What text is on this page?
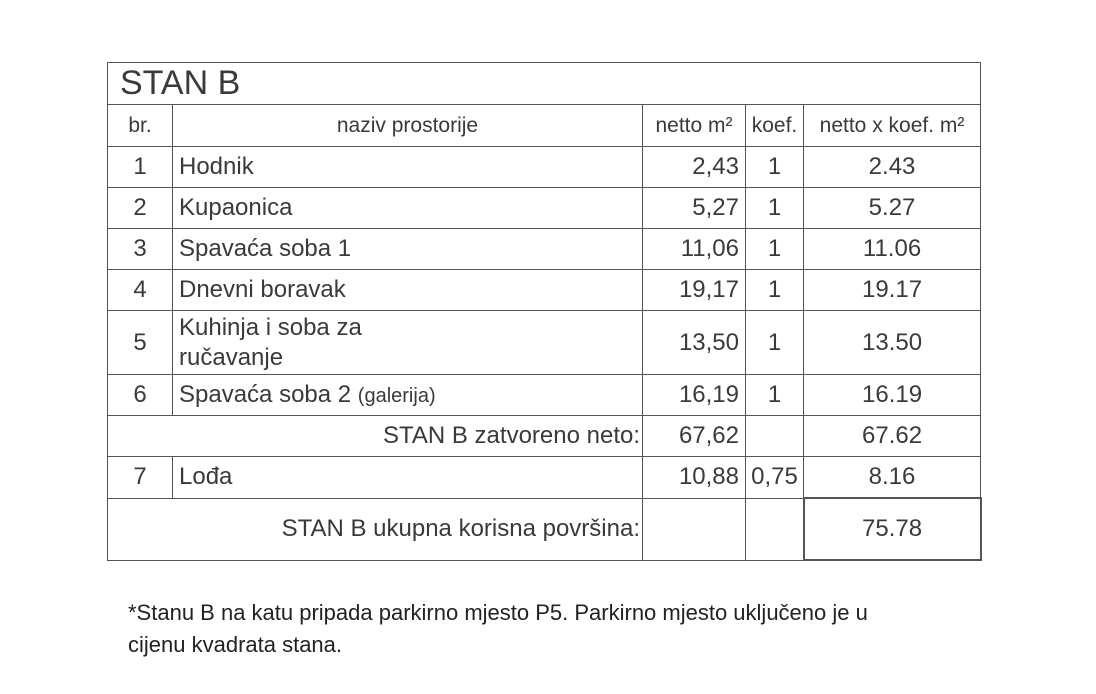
STAN B				
br.	naziv prostorije	netto m²	koef.	netto x koef. m²
1	Hodnik	2,43	1	2.43
2	Kupaonica	5,27	1	5.27
3	Spavaća soba 1	11,06	1	11.06
4	Dnevni boravak	19,17	1	19.17
5	Kuhinja i soba za ručavanje	13,50	1	13.50
6	Spavaća soba 2 (galerija)	16,19	1	16.19
STAN B zatvoreno neto:		67,62		67.62
7	Lođa	10,88	0,75	8.16
STAN B ukupna korisna površina:				75.78
*Stanu B na katu pripada parkirno mjesto P5. Parkirno mjesto uključeno je u cijenu kvadrata stana.
